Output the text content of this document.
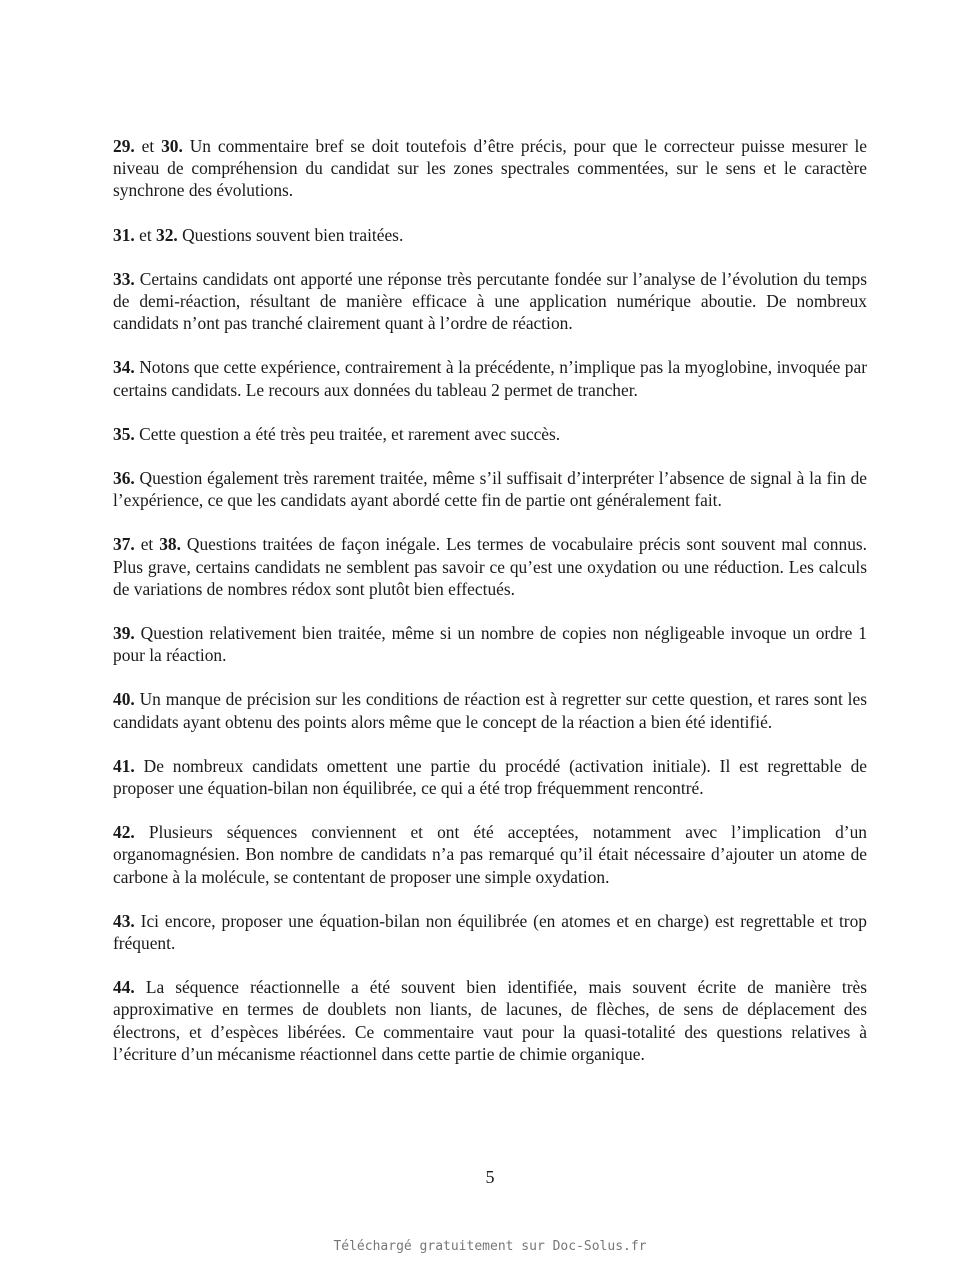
29. et 30. Un commentaire bref se doit toutefois d’être précis, pour que le correcteur puisse mesurer le niveau de compréhension du candidat sur les zones spectrales commentées, sur le sens et le caractère synchrone des évolutions.

31. et 32. Questions souvent bien traitées.

33. Certains candidats ont apporté une réponse très percutante fondée sur l’analyse de l’évolution du temps de demi-réaction, résultant de manière efficace à une application numérique aboutie. De nombreux candidats n’ont pas tranché clairement quant à l’ordre de réaction.

34. Notons que cette expérience, contrairement à la précédente, n’implique pas la myoglobine, invoquée par certains candidats. Le recours aux données du tableau 2 permet de trancher.

35. Cette question a été très peu traitée, et rarement avec succès.

36. Question également très rarement traitée, même s’il suffisait d’interpréter l’absence de signal à la fin de l’expérience, ce que les candidats ayant abordé cette fin de partie ont généralement fait.

37. et 38. Questions traitées de façon inégale. Les termes de vocabulaire précis sont souvent mal connus. Plus grave, certains candidats ne semblent pas savoir ce qu’est une oxydation ou une réduction. Les calculs de variations de nombres rédox sont plutôt bien effectués.

39. Question relativement bien traitée, même si un nombre de copies non négligeable invoque un ordre 1 pour la réaction.

40. Un manque de précision sur les conditions de réaction est à regretter sur cette question, et rares sont les candidats ayant obtenu des points alors même que le concept de la réaction a bien été identifié.

41. De nombreux candidats omettent une partie du procédé (activation initiale). Il est regrettable de proposer une équation-bilan non équilibrée, ce qui a été trop fréquemment rencontré.

42. Plusieurs séquences conviennent et ont été acceptées, notamment avec l’implication d’un organomagnésien. Bon nombre de candidats n’a pas remarqué qu’il était nécessaire d’ajouter un atome de carbone à la molécule, se contentant de proposer une simple oxydation.

43. Ici encore, proposer une équation-bilan non équilibrée (en atomes et en charge) est regrettable et trop fréquent.

44. La séquence réactionnelle a été souvent bien identifiée, mais souvent écrite de manière très approximative en termes de doublets non liants, de lacunes, de flèches, de sens de déplacement des électrons, et d’espèces libérées. Ce commentaire vaut pour la quasi-totalité des questions relatives à l’écriture d’un mécanisme réactionnel dans cette partie de chimie organique.

5
Téléchargé gratuitement sur Doc-Solus.fr
